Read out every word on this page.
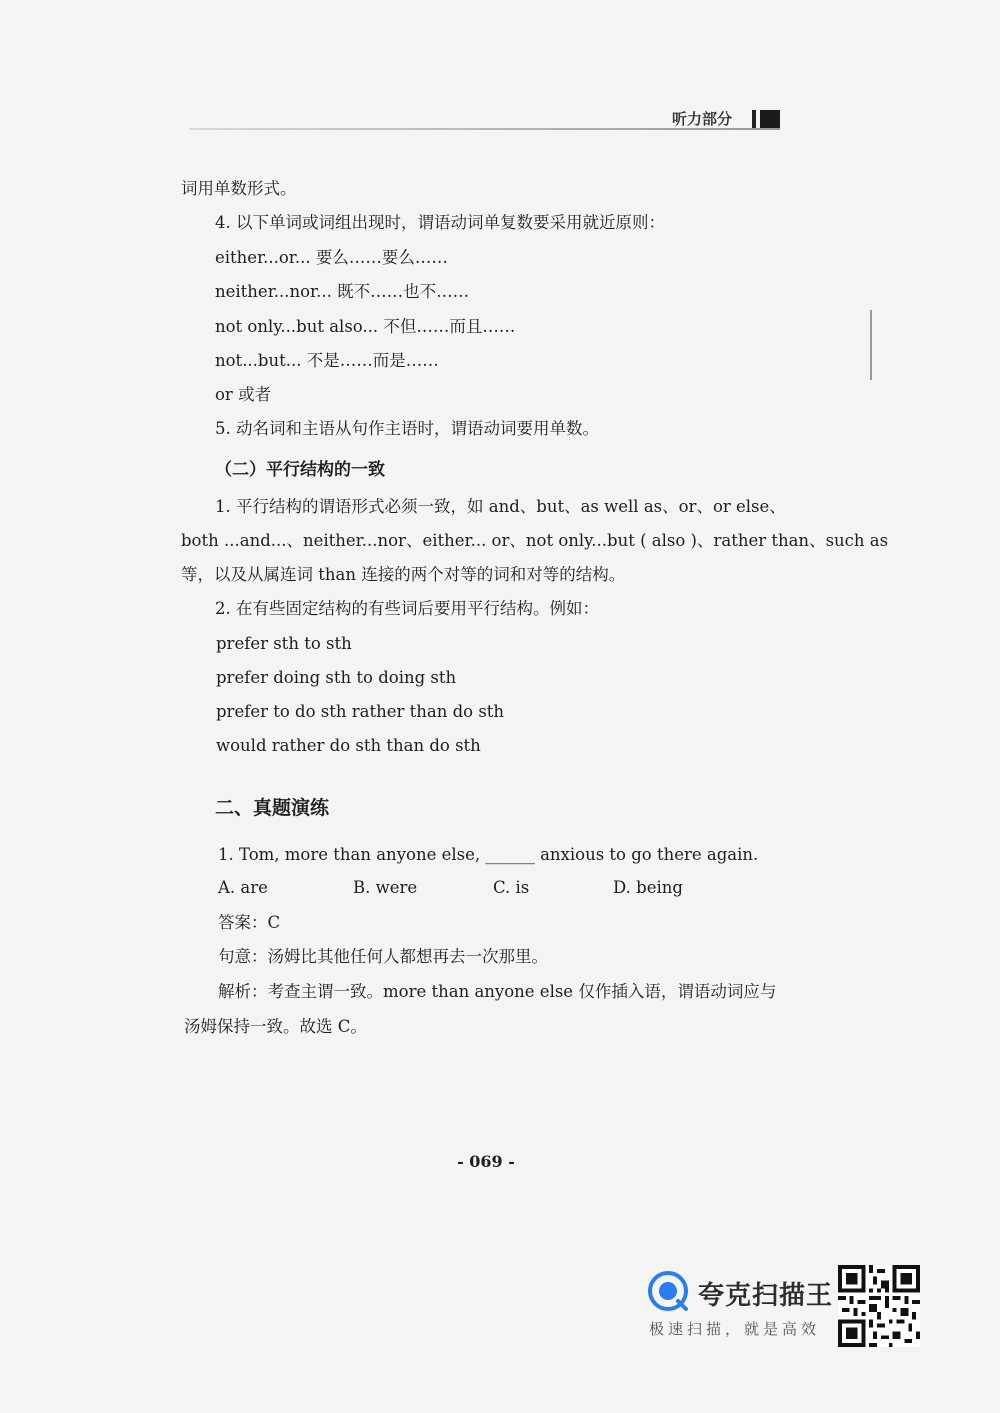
听力部分
词用单数形式。
4. 以下单词或词组出现时，谓语动词单复数要采用就近原则：
either...or... 要么……要么……
neither...nor... 既不……也不……
not only...but also... 不但……而且……
not...but... 不是……而是……
or 或者
5. 动名词和主语从句作主语时，谓语动词要用单数。
（二）平行结构的一致
1. 平行结构的谓语形式必须一致，如 and、but、as well as、or、or else、
both ...and...、neither...nor、either... or、not only...but ( also )、rather than、such as
等，以及从属连词 than 连接的两个对等的词和对等的结构。
2. 在有些固定结构的有些词后要用平行结构。例如：
prefer sth to sth
prefer doing sth to doing sth
prefer to do sth rather than do sth
would rather do sth than do sth
二、真题演练
1. Tom, more than anyone else, ______ anxious to go there again.
A. are	B. were	C. is	D. being
答案：C
句意：汤姆比其他任何人都想再去一次那里。
解析：考查主谓一致。more than anyone else 仅作插入语，谓语动词应与
汤姆保持一致。故选 C。
- 069 -
夸克扫描王
极速扫描，就是高效
